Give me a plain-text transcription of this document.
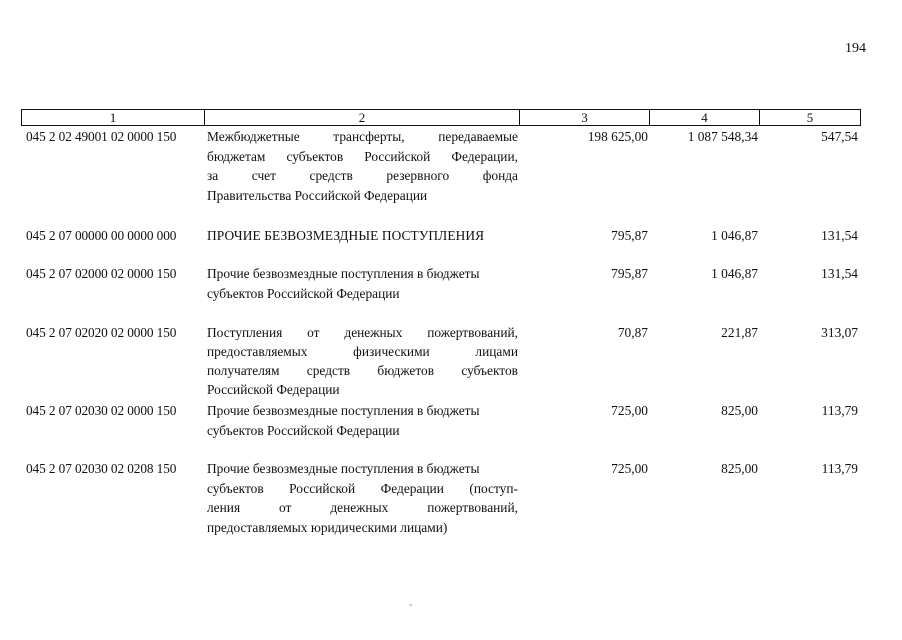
194
1	2	3	4	5
045 2 02 49001 02 0000 150	Межбюджетные трансферты, передаваемые
бюджетам субъектов Российской Федерации,
за счет средств резервного фонда
Правительства Российской Федерации
198 625,00	1 087 548,34	547,54
045 2 07 00000 00 0000 000	ПРОЧИЕ БЕЗВОЗМЕЗДНЫЕ ПОСТУПЛЕНИЯ	795,87	1 046,87	131,54
045 2 07 02000 02 0000 150	Прочие безвозмездные поступления в бюджеты
субъектов Российской Федерации
795,87	1 046,87	131,54
045 2 07 02020 02 0000 150	Поступления от денежных пожертвований,
предоставляемых физическими лицами
получателям средств бюджетов субъектов
Российской Федерации
70,87	221,87	313,07
045 2 07 02030 02 0000 150	Прочие безвозмездные поступления в бюджеты
субъектов Российской Федерации
725,00	825,00	113,79
045 2 07 02030 02 0208 150	Прочие безвозмездные поступления в бюджеты
субъектов Российской Федерации (поступ-
ления от денежных пожертвований,
предоставляемых юридическими лицами)
725,00	825,00	113,79
ˋ
